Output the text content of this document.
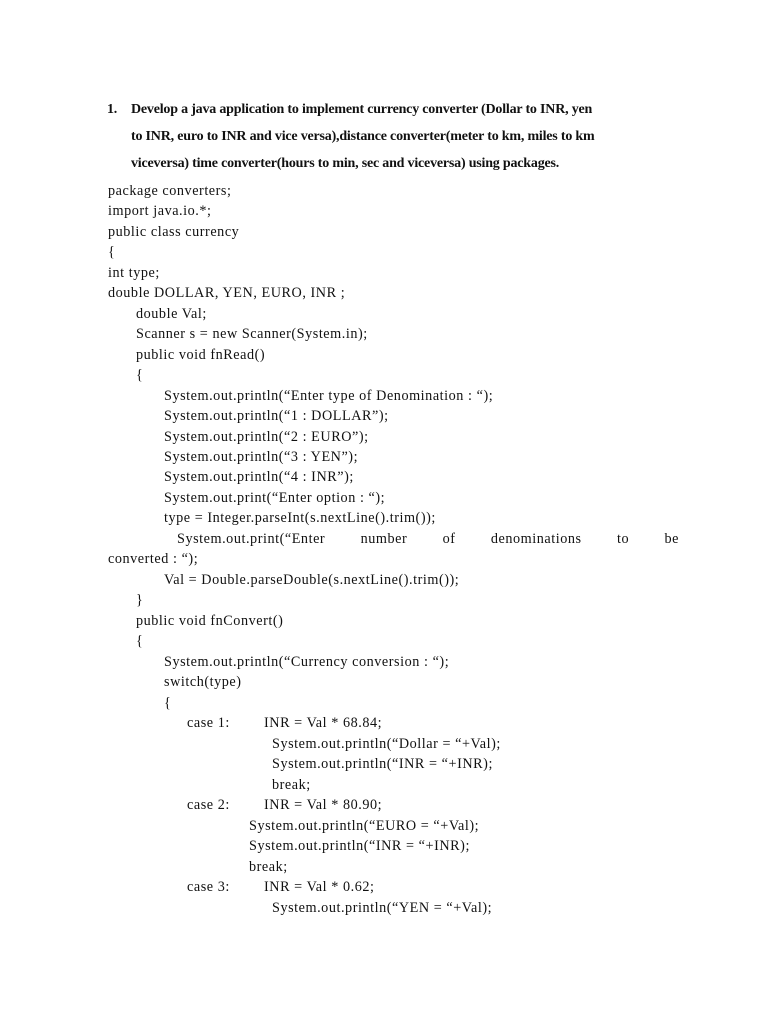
1. Develop a java application to implement currency converter (Dollar to INR, yen
to INR, euro to INR and vice versa),distance converter(meter to km, miles to km
viceversa) time converter(hours to min, sec and viceversa) using packages.
package converters;
import java.io.*;
public class currency
{
int type;
double DOLLAR, YEN, EURO, INR ;
double Val;
Scanner s = new Scanner(System.in);
public void fnRead()
{
System.out.println(“Enter type of Denomination : “);
System.out.println(“1 : DOLLAR”);
System.out.println(“2 : EURO”);
System.out.println(“3 : YEN”);
System.out.println(“4 : INR”);
System.out.print(“Enter option : “);
type = Integer.parseInt(s.nextLine().trim());
System.out.print(“Enter number of denominations to be
converted : “);
Val = Double.parseDouble(s.nextLine().trim());
}
public void fnConvert()
{
System.out.println(“Currency conversion : “);
switch(type)
{
case 1: INR = Val * 68.84;
System.out.println(“Dollar = “+Val);
System.out.println(“INR = “+INR);
break;
case 2: INR = Val * 80.90;
System.out.println(“EURO = “+Val);
System.out.println(“INR = “+INR);
break;
case 3: INR = Val * 0.62;
System.out.println(“YEN = “+Val);
